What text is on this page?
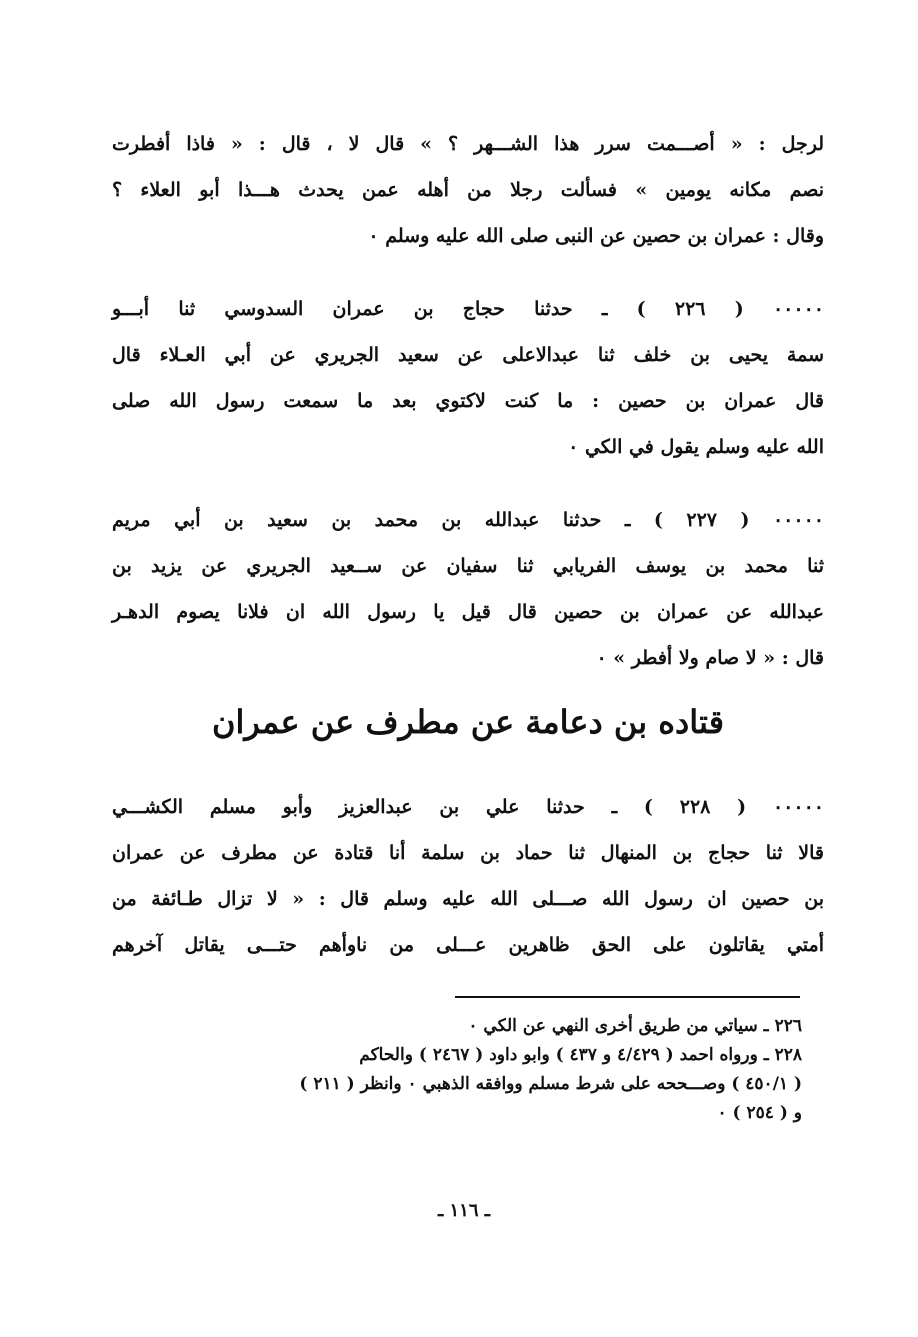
لرجل : « أصـــمت سرر هذا الشـــهر ؟ » قال لا ، قال : « فاذا أفطرت
نصم مكانه يومين » فسألت رجلا من أهله عمن يحدث هـــذا أبو العلاء ؟
وقال : عمران بن حصين عن النبى صلى الله عليه وسلم ٠
٠٠٠٠٠ ( ٢٢٦ ) ـ حدثنا حجاج بن عمران السدوسي ثنا أبـــو
سمة يحيى بن خلف ثنا عبدالاعلى عن سعيد الجريري عن أبي العـلاء قال
قال عمران بن حصين : ما كنت لاكتوي بعد ما سمعت رسول الله صلى
الله عليه وسلم يقول في الكي ٠
٠٠٠٠٠ ( ٢٢٧ ) ـ حدثنا عبدالله بن محمد بن سعيد بن أبي مريم
ثنا محمد بن يوسف الفريابي ثنا سفيان عن ســعيد الجريري عن يزيد بن
عبدالله عن عمران بن حصين قال قيل يا رسول الله ان فلانا يصوم الدهـر
قال : « لا صام ولا أفطر » ٠
قتاده بن دعامة عن مطرف عن عمران
٠٠٠٠٠ ( ٢٢٨ ) ـ حدثنا علي بن عبدالعزيز وأبو مسلم الكشـــي
قالا ثنا حجاج بن المنهال ثنا حماد بن سلمة أنا قتادة عن مطرف عن عمران
بن حصين ان رسول الله صـــلى الله عليه وسلم قال : « لا تزال طـائفة من
أمتي يقاتلون على الحق ظاهرين عـــلى من ناوأهم حتـــى يقاتل آخرهم
٢٢٦ ـ سياتي من طريق أخرى النهي عن الكي ٠
٢٢٨ ـ ورواه احمد ( ٤/٤٢٩ و ٤٣٧ ) وابو داود ( ٢٤٦٧ ) والحاكم
( ٤٥٠/١ ) وصـــححه على شرط مسلم ووافقه الذهبي ٠ وانظر ( ٢١١ )
و ( ٢٥٤ ) ٠
ـ ١١٦ ـ
